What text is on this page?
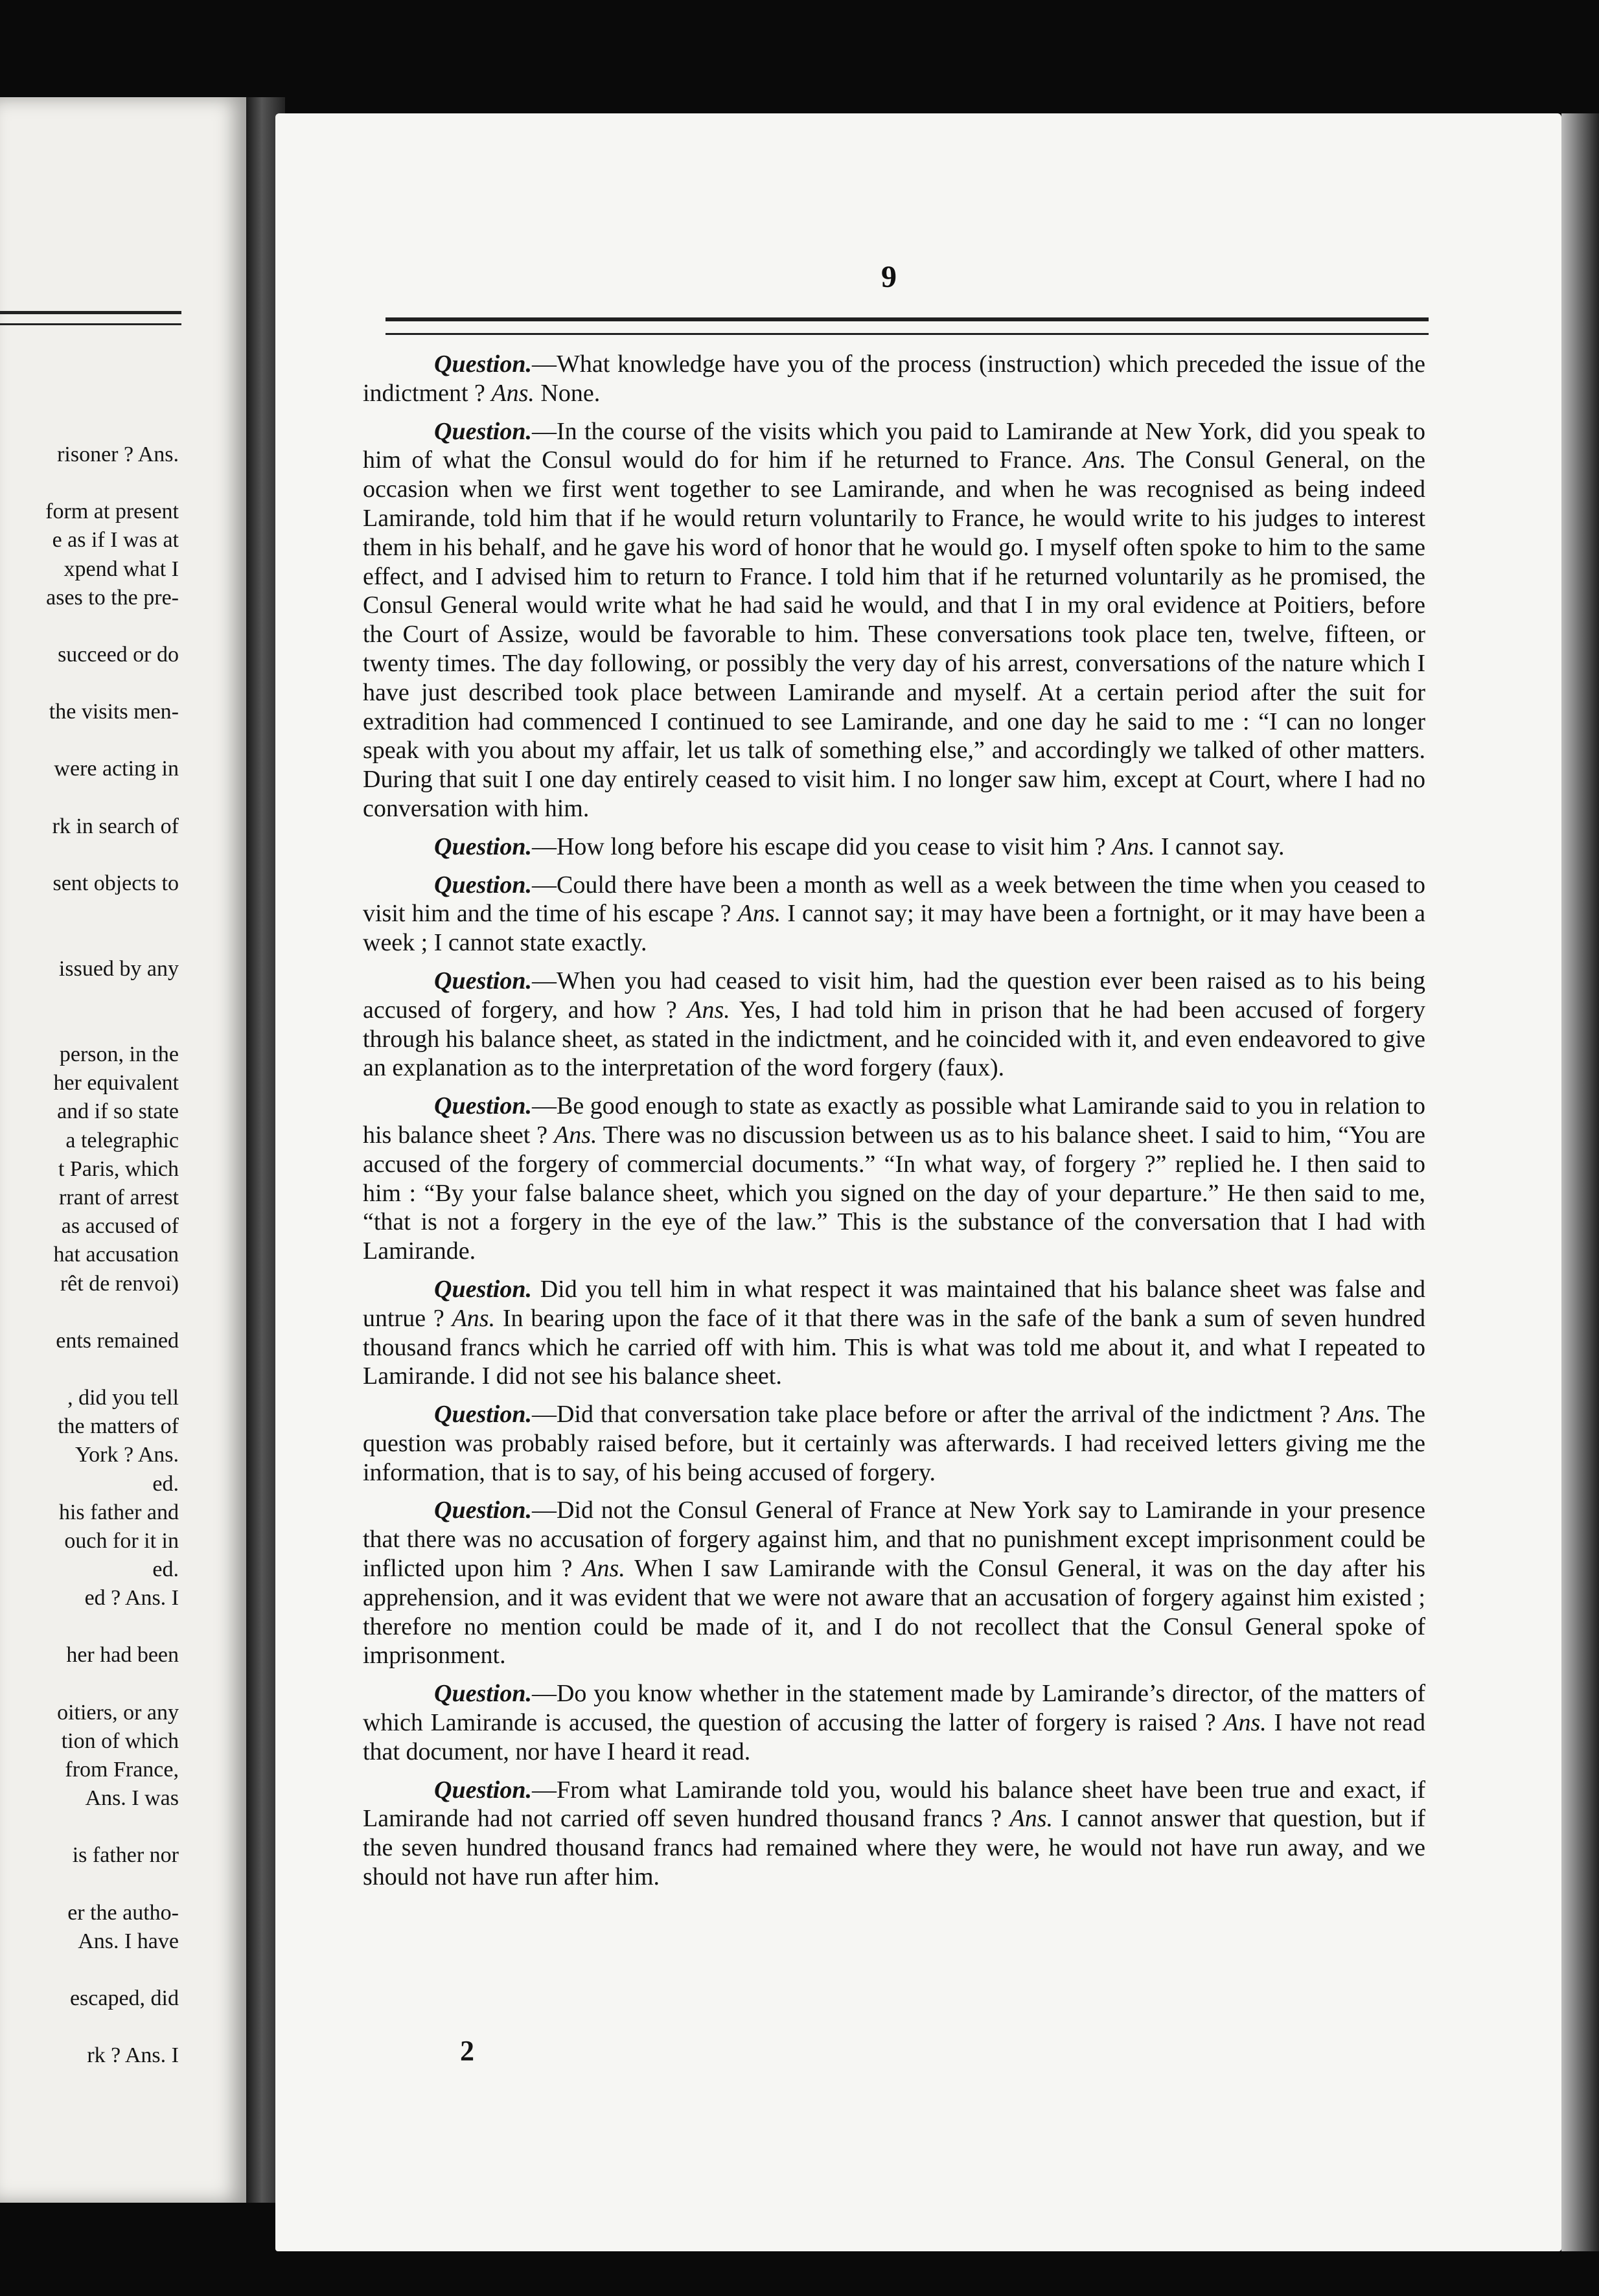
risoner ? Ans.
form at present
e as if I was at
xpend what I
ases to the pre-
succeed or do
the visits men-
were acting in
rk in search of
sent objects to
issued by any
person, in the
her equivalent
and if so state
a telegraphic
t Paris, which
rrant of arrest
as accused of
hat accusation
rêt de renvoi)
ents remained
, did you tell
the matters of
York ? Ans.
ed.
his father and
ouch for it in
ed.
ed ? Ans. I
her had been
oitiers, or any
tion of which
from France,
Ans. I was
is father nor
er the autho-
Ans. I have
escaped, did
rk ? Ans. I
9

Question.—What knowledge have you of the process (instruction) which preceded the issue of the indictment ? Ans. None.

Question.—In the course of the visits which you paid to Lamirande at New York, did you speak to him of what the Consul would do for him if he returned to France. Ans. The Consul General, on the occasion when we first went together to see Lamirande, and when he was recognised as being indeed Lamirande, told him that if he would return voluntarily to France, he would write to his judges to interest them in his behalf, and he gave his word of honor that he would go. I myself often spoke to him to the same effect, and I advised him to return to France. I told him that if he returned voluntarily as he promised, the Consul General would write what he had said he would, and that I in my oral evidence at Poitiers, before the Court of Assize, would be favorable to him. These conversations took place ten, twelve, fifteen, or twenty times. The day following, or possibly the very day of his arrest, conversations of the nature which I have just described took place between Lamirande and myself. At a certain period after the suit for extradition had commenced I continued to see Lamirande, and one day he said to me : “I can no longer speak with you about my affair, let us talk of something else,” and accordingly we talked of other matters. During that suit I one day entirely ceased to visit him. I no longer saw him, except at Court, where I had no conversation with him.

Question.—How long before his escape did you cease to visit him ? Ans. I cannot say.

Question.—Could there have been a month as well as a week between the time when you ceased to visit him and the time of his escape ? Ans. I cannot say; it may have been a fortnight, or it may have been a week ; I cannot state exactly.

Question.—When you had ceased to visit him, had the question ever been raised as to his being accused of forgery, and how ? Ans. Yes, I had told him in prison that he had been accused of forgery through his balance sheet, as stated in the indictment, and he coincided with it, and even endeavored to give an explanation as to the interpretation of the word forgery (faux).

Question.—Be good enough to state as exactly as possible what Lamirande said to you in relation to his balance sheet ? Ans. There was no discussion between us as to his balance sheet. I said to him, “You are accused of the forgery of commercial documents.” “In what way, of forgery ?” replied he. I then said to him : “By your false balance sheet, which you signed on the day of your departure.” He then said to me, “that is not a forgery in the eye of the law.” This is the substance of the conversation that I had with Lamirande.

Question. Did you tell him in what respect it was maintained that his balance sheet was false and untrue ? Ans. In bearing upon the face of it that there was in the safe of the bank a sum of seven hundred thousand francs which he carried off with him. This is what was told me about it, and what I repeated to Lamirande. I did not see his balance sheet.

Question.—Did that conversation take place before or after the arrival of the indictment ? Ans. The question was probably raised before, but it certainly was afterwards. I had received letters giving me the information, that is to say, of his being accused of forgery.

Question.—Did not the Consul General of France at New York say to Lamirande in your presence that there was no accusation of forgery against him, and that no punishment except imprisonment could be inflicted upon him ? Ans. When I saw Lamirande with the Consul General, it was on the day after his apprehension, and it was evident that we were not aware that an accusation of forgery against him existed ; therefore no mention could be made of it, and I do not recollect that the Consul General spoke of imprisonment.

Question.—Do you know whether in the statement made by Lamirande’s director, of the matters of which Lamirande is accused, the question of accusing the latter of forgery is raised ? Ans. I have not read that document, nor have I heard it read.

Question.—From what Lamirande told you, would his balance sheet have been true and exact, if Lamirande had not carried off seven hundred thousand francs ? Ans. I cannot answer that question, but if the seven hundred thousand francs had remained where they were, he would not have run away, and we should not have run after him.

2
